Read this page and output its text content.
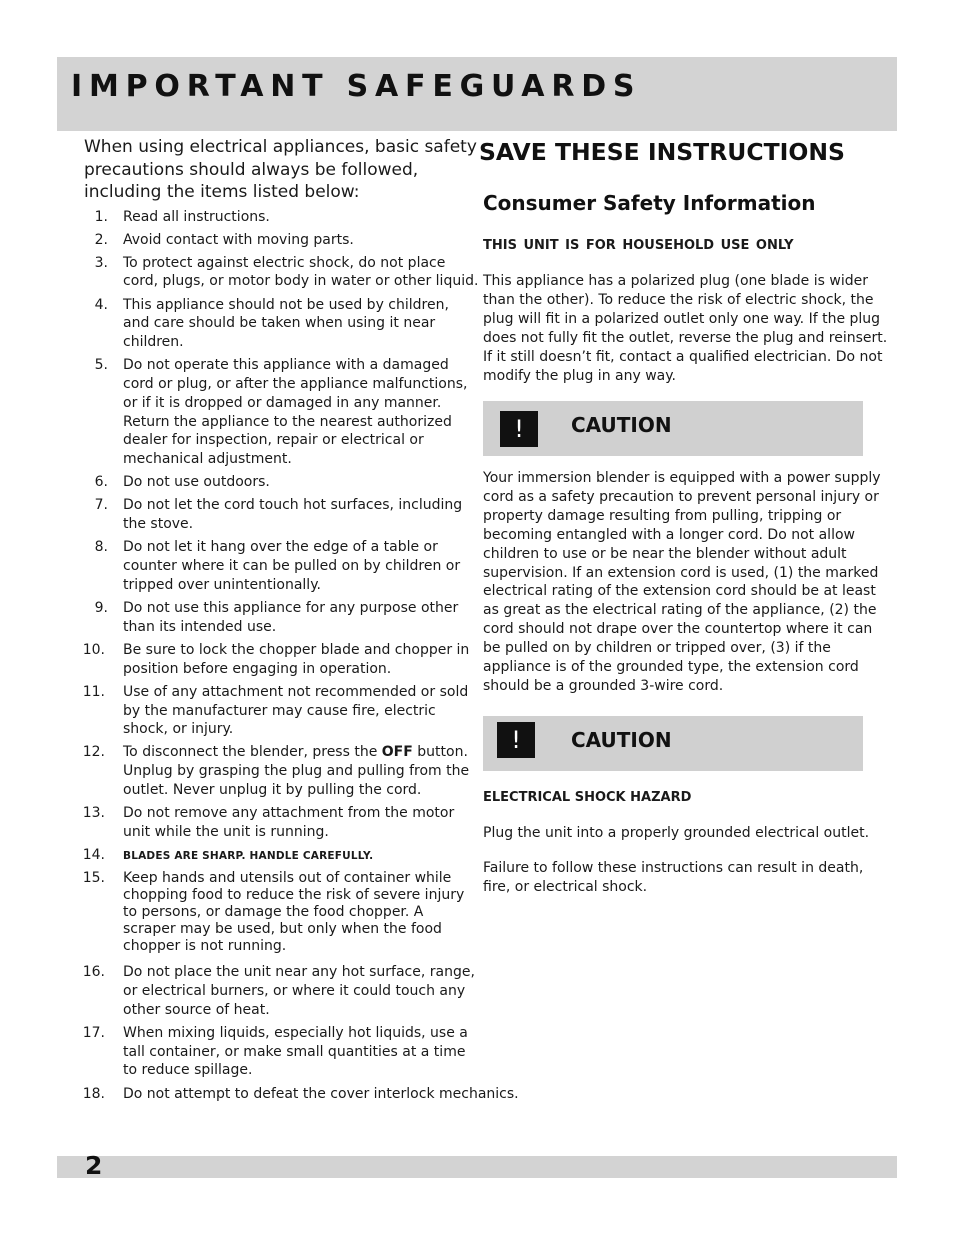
IMPORTANT SAFEGUARDS

When using electrical appliances, basic safety precautions should always be followed, including the items listed below:

1. Read all instructions.
2. Avoid contact with moving parts.
3. To protect against electric shock, do not place cord, plugs, or motor body in water or other liquid.
4. This appliance should not be used by children, and care should be taken when using it near children.
5. Do not operate this appliance with a damaged cord or plug, or after the appliance malfunctions, or if it is dropped or damaged in any manner. Return the appliance to the nearest authorized dealer for inspection, repair or electrical or mechanical adjustment.
6. Do not use outdoors.
7. Do not let the cord touch hot surfaces, including the stove.
8. Do not let it hang over the edge of a table or counter where it can be pulled on by children or tripped over unintentionally.
9. Do not use this appliance for any purpose other than its intended use.
10. Be sure to lock the chopper blade and chopper in position before engaging in operation.
11. Use of any attachment not recommended or sold by the manufacturer may cause fire, electric shock, or injury.
12. To disconnect the blender, press the OFF button. Unplug by grasping the plug and pulling from the outlet. Never unplug it by pulling the cord.
13. Do not remove any attachment from the motor unit while the unit is running.
14. BLADES ARE SHARP. HANDLE CAREFULLY.
15. Keep hands and utensils out of container while chopping food to reduce the risk of severe injury to persons, or damage the food chopper. A scraper may be used, but only when the food chopper is not running.
16. Do not place the unit near any hot surface, range, or electrical burners, or where it could touch any other source of heat.
17. When mixing liquids, especially hot liquids, use a tall container, or make small quantities at a time to reduce spillage.
18. Do not attempt to defeat the cover interlock mechanics.
SAVE THESE INSTRUCTIONS
Consumer Safety Information

THIS UNIT IS FOR HOUSEHOLD USE ONLY

This appliance has a polarized plug (one blade is wider than the other). To reduce the risk of electric shock, the plug will fit in a polarized outlet only one way. If the plug does not fully fit the outlet, reverse the plug and reinsert. If it still doesn’t fit, contact a qualified electrician. Do not modify the plug in any way.

!	CAUTION

Your immersion blender is equipped with a power supply cord as a safety precaution to prevent personal injury or property damage resulting from pulling, tripping or becoming entangled with a longer cord. Do not allow children to use or be near the blender without adult supervision. If an extension cord is used, (1) the marked electrical rating of the extension cord should be at least as great as the electrical rating of the appliance, (2) the cord should not drape over the countertop where it can be pulled on by children or tripped over, (3) if the appliance is of the grounded type, the extension cord should be a grounded 3-wire cord.

!	CAUTION

ELECTRICAL SHOCK HAZARD

Plug the unit into a properly grounded electrical outlet.

Failure to follow these instructions can result in death, fire, or electrical shock.

2
